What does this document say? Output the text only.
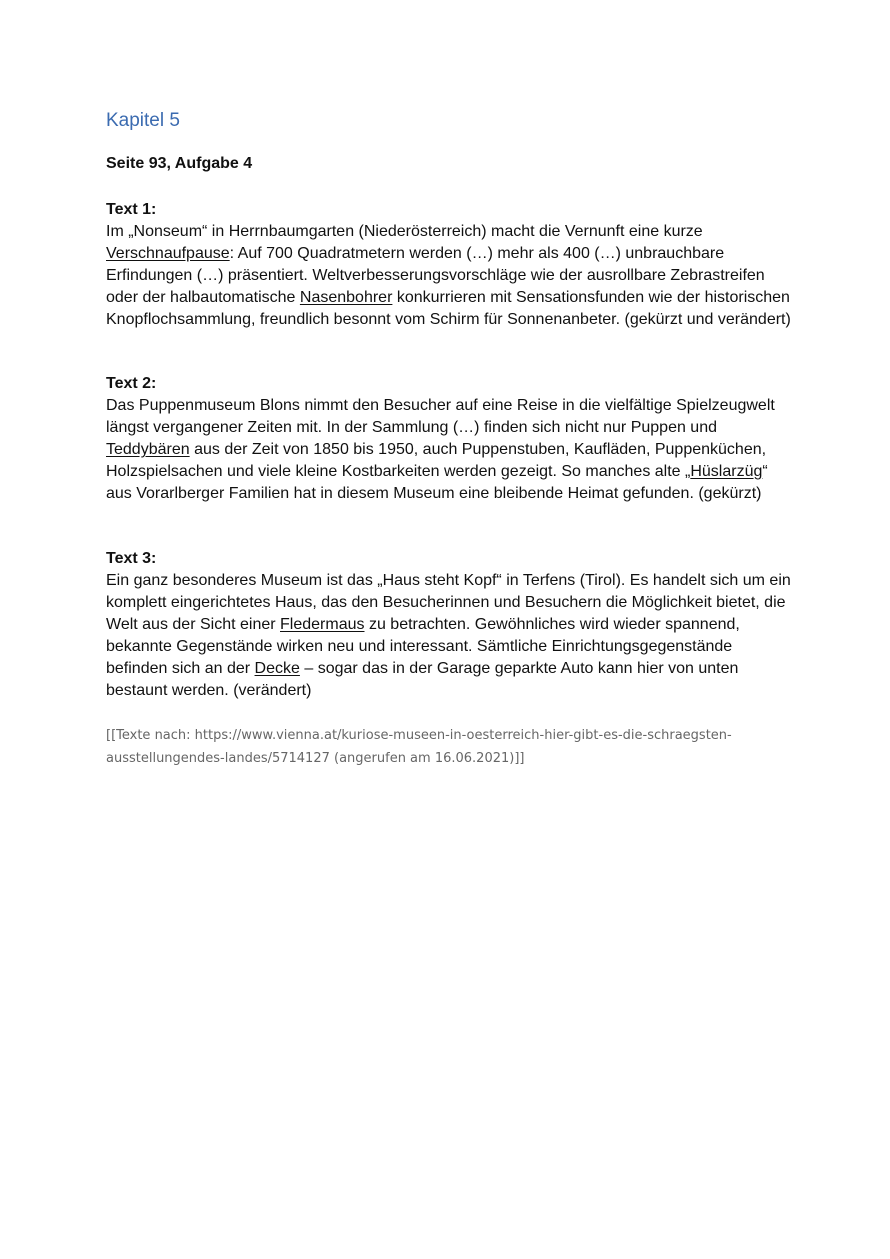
Kapitel 5
Seite 93, Aufgabe 4
Text 1:

Im „Nonseum“ in Herrnbaumgarten (Niederösterreich) macht die Vernunft eine kurze Verschnaufpause: Auf 700 Quadratmetern werden (…) mehr als 400 (…) unbrauchbare Erfindungen (…) präsentiert. Weltverbesserungsvorschläge wie der ausrollbare Zebrastreifen oder der halbautomatische Nasenbohrer konkurrieren mit Sensationsfunden wie der historischen Knopflochsammlung, freundlich besonnt vom Schirm für Sonnenanbeter. (gekürzt und verändert)

Text 2:

Das Puppenmuseum Blons nimmt den Besucher auf eine Reise in die vielfältige Spielzeugwelt längst vergangener Zeiten mit. In der Sammlung (…) finden sich nicht nur Puppen und Teddybären aus der Zeit von 1850 bis 1950, auch Puppenstuben, Kaufläden, Puppenküchen, Holzspielsachen und viele kleine Kostbarkeiten werden gezeigt. So manches alte „Hüslarzüg“ aus Vorarlberger Familien hat in diesem Museum eine bleibende Heimat gefunden. (gekürzt)

Text 3:

Ein ganz besonderes Museum ist das „Haus steht Kopf“ in Terfens (Tirol). Es handelt sich um ein komplett eingerichtetes Haus, das den Besucherinnen und Besuchern die Möglichkeit bietet, die Welt aus der Sicht einer Fledermaus zu betrachten. Gewöhnliches wird wieder spannend, bekannte Gegenstände wirken neu und interessant. Sämtliche Einrichtungsgegenstände befinden sich an der Decke – sogar das in der Garage geparkte Auto kann hier von unten bestaunt werden. (verändert)

[[Texte nach: https://www.vienna.at/kuriose-museen-in-oesterreich-hier-gibt-es-die-schraegsten-ausstellungendes-landes/5714127 (angerufen am 16.06.2021)]]
